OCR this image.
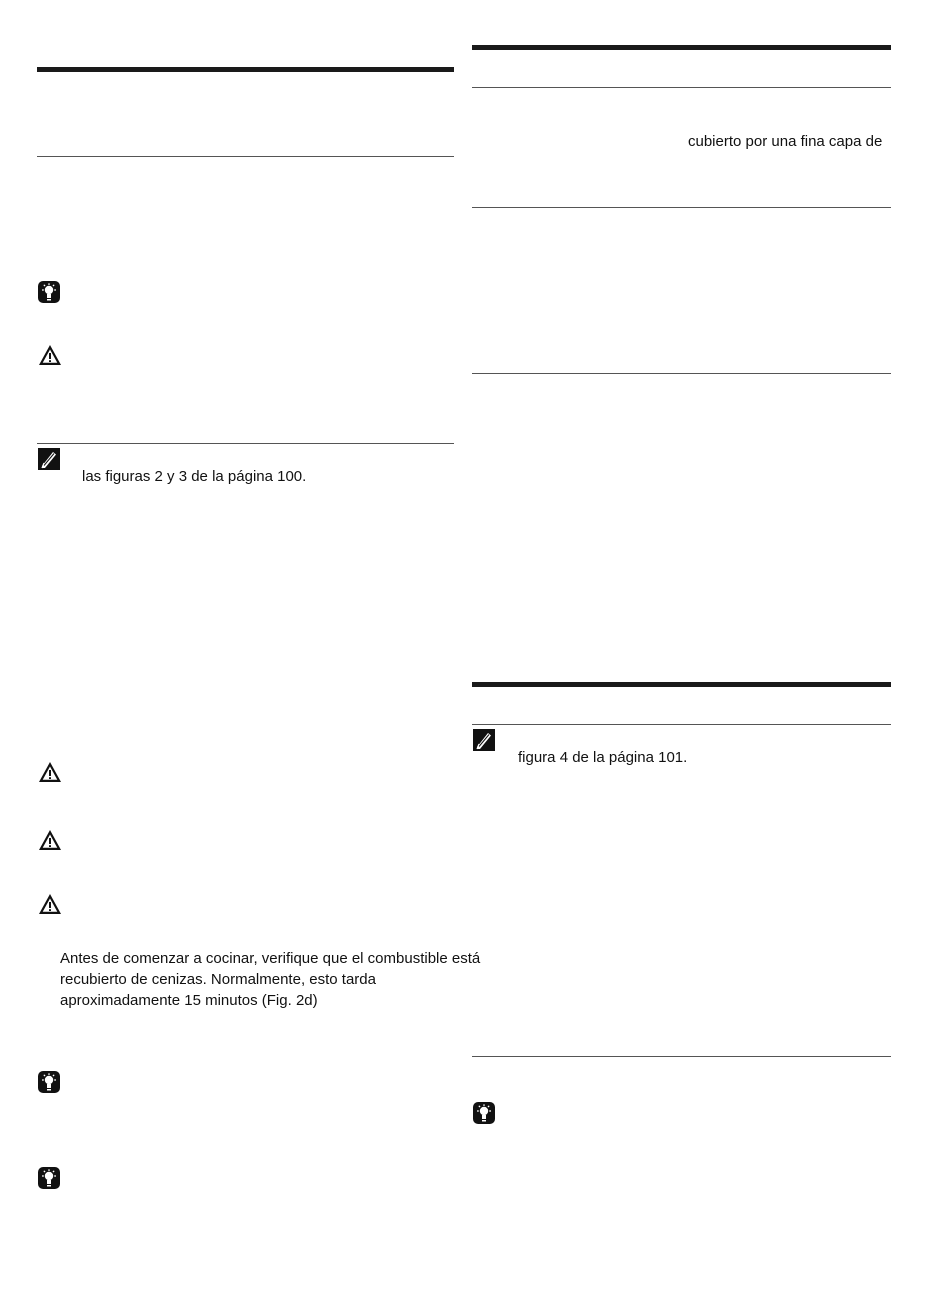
las figuras 2 y 3 de la página 100.
Antes de comenzar a cocinar, verifique que el combustible está
recubierto de cenizas. Normalmente, esto tarda
aproximadamente 15 minutos (Fig. 2d)
cubierto por una fina capa de
figura 4 de la página 101.
